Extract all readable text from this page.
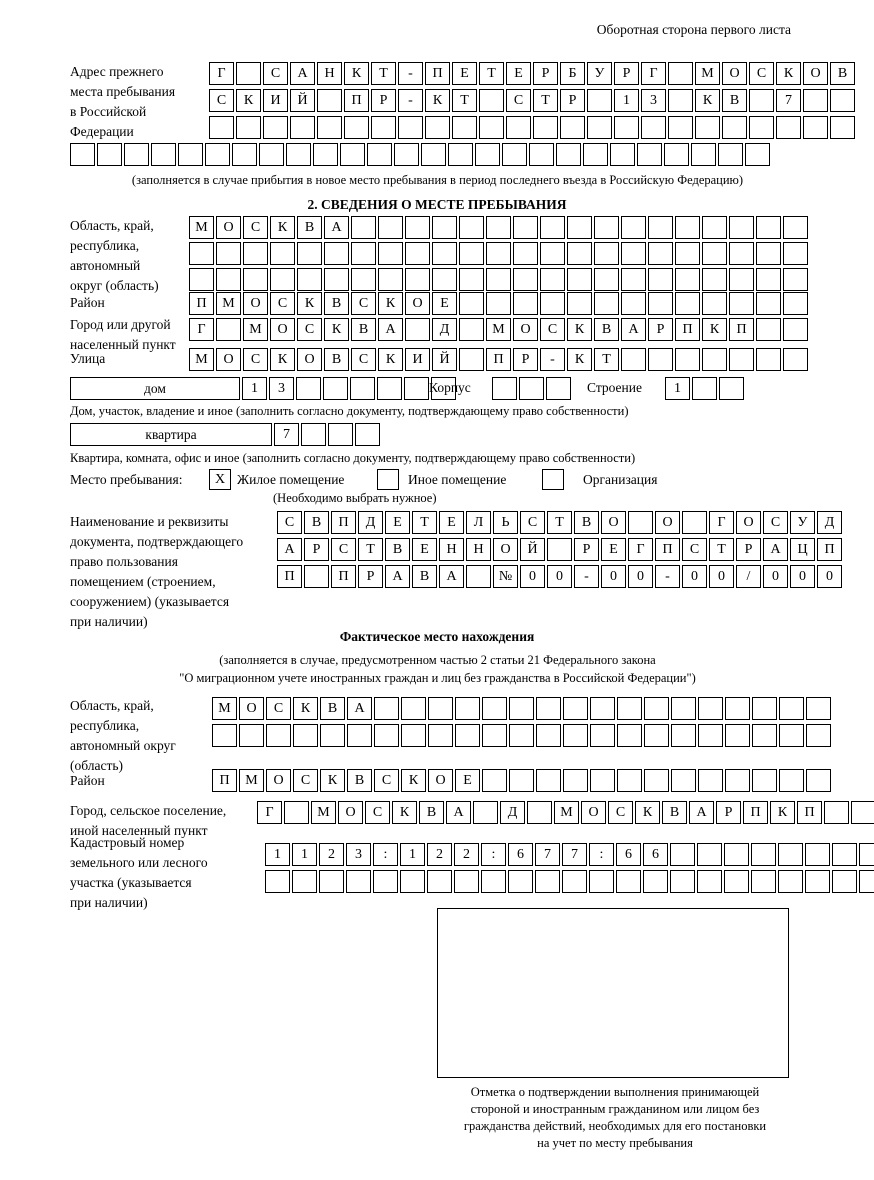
Оборотная сторона первого листа
Адрес прежнего
места пребывания
в Российской
Федерации
Г	С	А	Н	К	Т	-	П	Е	Т	Е	Р	Б	У	Р	Г	М	О	С	К	О	В
С	К	И	Й	П	Р	-	К	Т	С	Т	Р	1	3	К	В	7
(заполняется в случае прибытия в новое место пребывания в период последнего въезда в Российскую Федерацию)
2. СВЕДЕНИЯ О МЕСТЕ ПРЕБЫВАНИЯ
Область, край,
республика,
автономный
округ (область)
М	О	С	К	В	А
Район	П	М	О	С	К	В	С	К	О	Е
Город или другой
населенный пункт
Г	М	О	С	К	В	А	Д	М	О	С	К	В	А	Р	П	К	П
Улица	М	О	С	К	О	В	С	К	И	Й	П	Р	-	К	Т
дом	1	3	Корпус	Строение	1
Дом, участок, владение и иное (заполнить согласно документу, подтверждающему право собственности)
квартира	7
Квартира, комната, офис и иное (заполнить согласно документу, подтверждающему право собственности)
Место пребывания:	X Жилое помещение	Иное помещение	Организация
(Необходимо выбрать нужное)
Наименование и реквизиты
документа, подтверждающего
право пользования
помещением (строением,
сооружением) (указывается
при наличии)
С	В	П	Д	Е	Т	Е	Л	Ь	С	Т	В	О	О	Г	О	С	У	Д
А	Р	С	Т	В	Е	Н	Н	О	Й	Р	Е	Г	П	С	Т	Р	А	Ц	П
П	П	Р	А	В	А	№	0	0	-	0	0	-	0	0	/	0	0	0
Фактическое место нахождения
(заполняется в случае, предусмотренном частью 2 статьи 21 Федерального закона
"О миграционном учете иностранных граждан и лиц без гражданства в Российской Федерации")
Область, край,
республика,
автономный округ
(область)
М	О	С	К	В	А
Район	П	М	О	С	К	В	С	К	О	Е
Город, сельское поселение,
иной населенный пункт
Г	М	О	С	К	В	А	Д	М	О	С	К	В	А	Р	П	К	П
Кадастровый номер
земельного или лесного
участка (указывается
при наличии)
1	1	2	3	:	1	2	2	:	6	7	7	:	6	6
Отметка о подтверждении выполнения принимающей
стороной и иностранным гражданином или лицом без
гражданства действий, необходимых для его постановки
на учет по месту пребывания
